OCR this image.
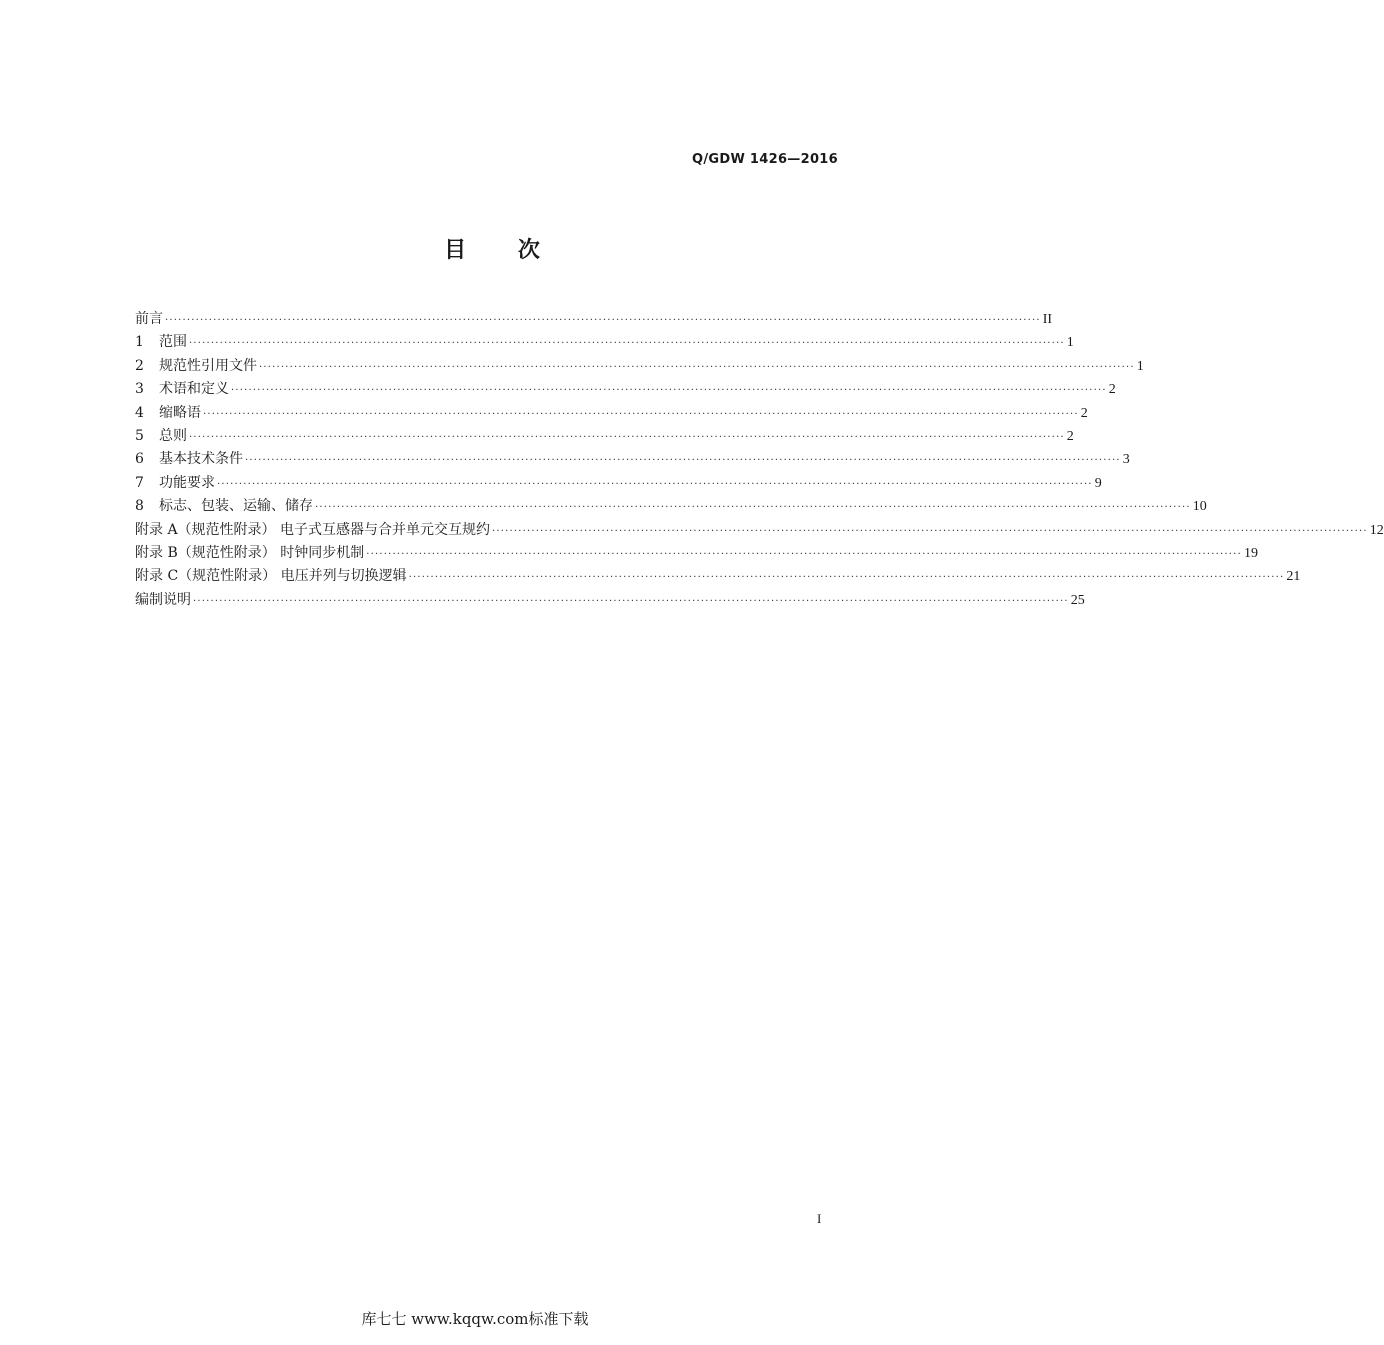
Q/GDW 1426—2016
目 次
前言 ········································································································································································································ II
1 范围 ········································································································································································································ 1
2 规范性引用文件 ········································································································································································································ 1
3 术语和定义 ········································································································································································································ 2
4 缩略语 ········································································································································································································ 2
5 总则 ········································································································································································································ 2
6 基本技术条件 ········································································································································································································ 3
7 功能要求 ········································································································································································································ 9
8 标志、包装、运输、储存 ········································································································································································································ 10
附录 A（规范性附录） 电子式互感器与合并单元交互规约 ········································································································································································································ 12
附录 B（规范性附录） 时钟同步机制 ········································································································································································································ 19
附录 C（规范性附录） 电压并列与切换逻辑 ········································································································································································································ 21
编制说明 ········································································································································································································ 25
I
库七七 www.kqqw.com标准下载
